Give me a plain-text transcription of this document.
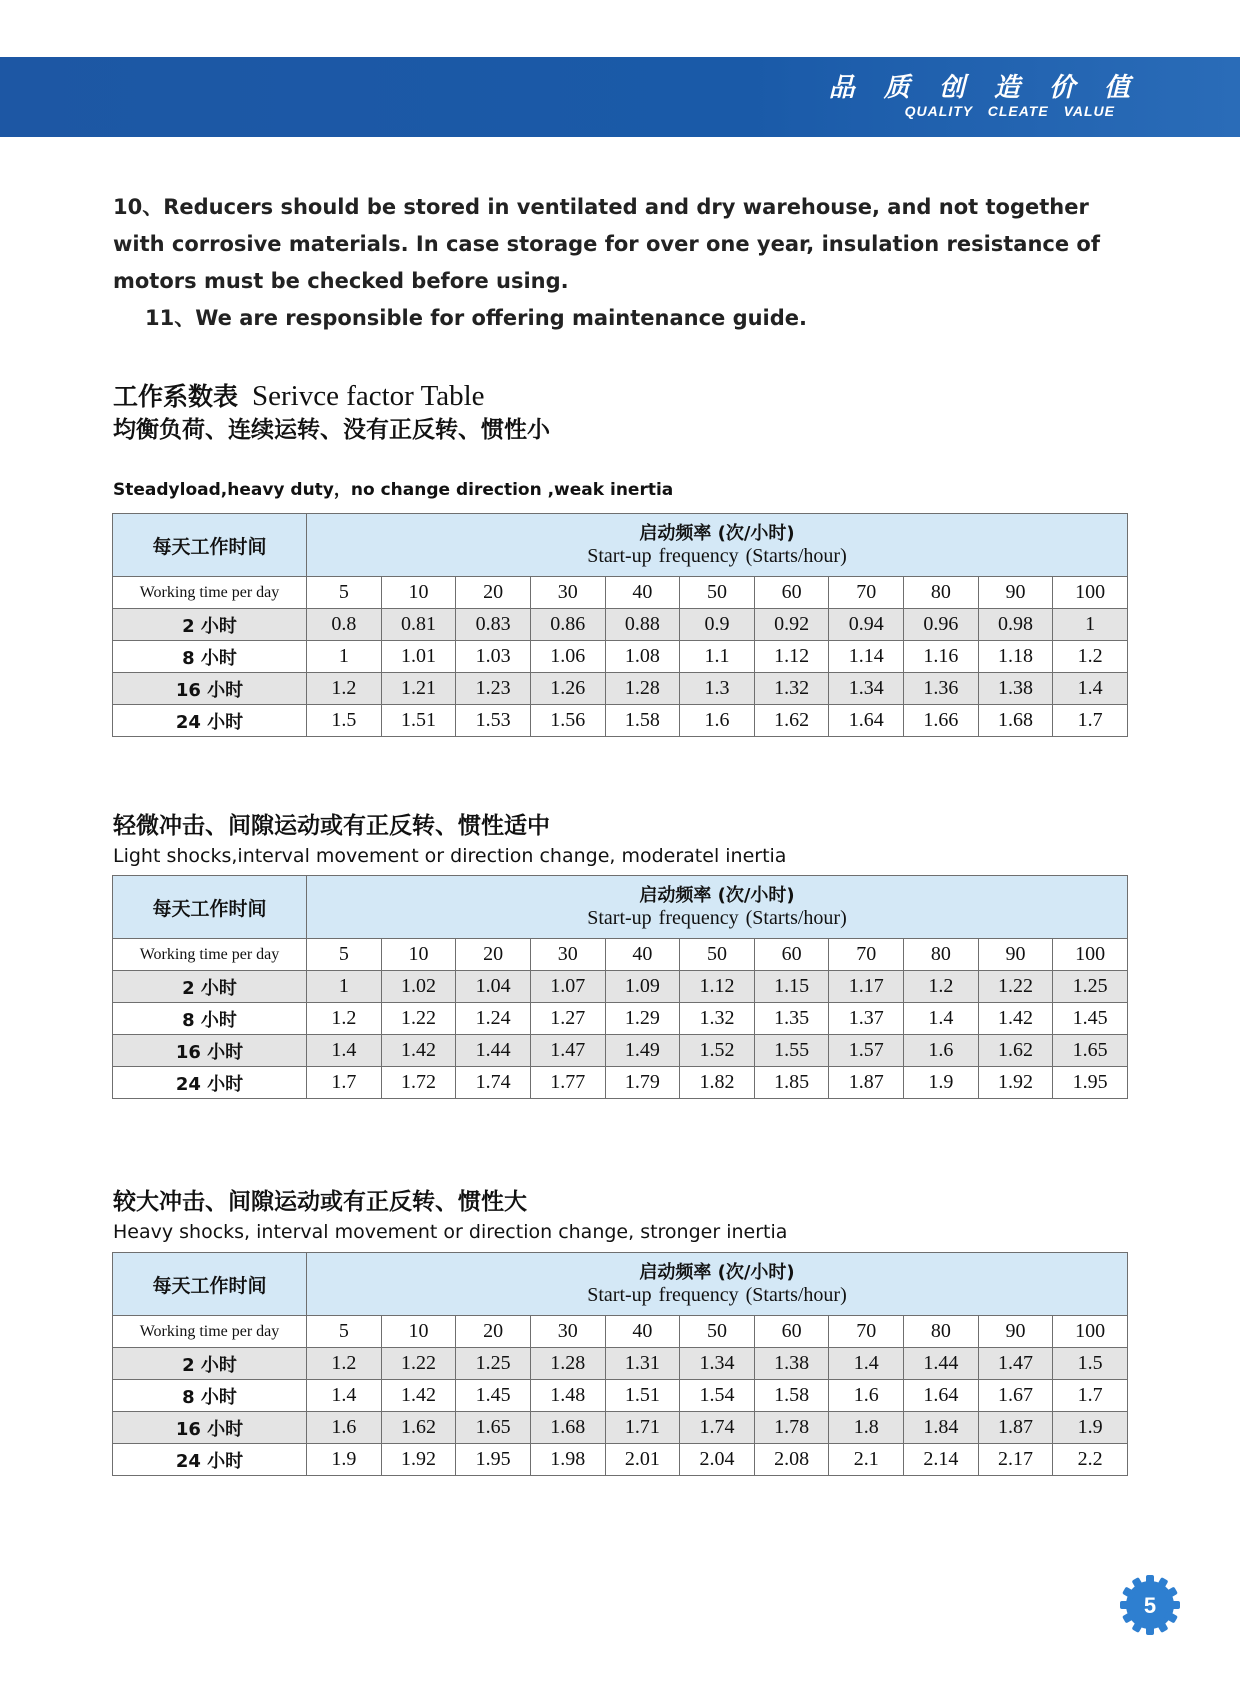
品 质 创 造 价 值
QUALITY CLEATE VALUE

10、Reducers should be stored in ventilated and dry warehouse, and not together with corrosive materials. In case storage for over one year, insulation resistance of motors must be checked before using.

11、We are responsible for offering maintenance guide.

工作系数表 Serivce factor Table
均衡负荷、连续运转、没有正反转、惯性小
Steadyload,heavy duty，no change direction ,weak inertia
每天工作时间	启动频率 (次/小时)
Start-up frequency (Starts/hour)										

Working time per day	5	10	20	30	40	50	60	70	80	90	100
2 小时	0.8	0.81	0.83	0.86	0.88	0.9	0.92	0.94	0.96	0.98	1
8 小时	1	1.01	1.03	1.06	1.08	1.1	1.12	1.14	1.16	1.18	1.2
16 小时	1.2	1.21	1.23	1.26	1.28	1.3	1.32	1.34	1.36	1.38	1.4
24 小时	1.5	1.51	1.53	1.56	1.58	1.6	1.62	1.64	1.66	1.68	1.7
轻微冲击、间隙运动或有正反转、惯性适中
Light shocks,interval movement or direction change, moderatel inertia
每天工作时间	启动频率 (次/小时)
Start-up frequency (Starts/hour)										

Working time per day	5	10	20	30	40	50	60	70	80	90	100
2 小时	1	1.02	1.04	1.07	1.09	1.12	1.15	1.17	1.2	1.22	1.25
8 小时	1.2	1.22	1.24	1.27	1.29	1.32	1.35	1.37	1.4	1.42	1.45
16 小时	1.4	1.42	1.44	1.47	1.49	1.52	1.55	1.57	1.6	1.62	1.65
24 小时	1.7	1.72	1.74	1.77	1.79	1.82	1.85	1.87	1.9	1.92	1.95
较大冲击、间隙运动或有正反转、惯性大
Heavy shocks, interval movement or direction change, stronger inertia
每天工作时间	启动频率 (次/小时)
Start-up frequency (Starts/hour)										

Working time per day	5	10	20	30	40	50	60	70	80	90	100
2 小时	1.2	1.22	1.25	1.28	1.31	1.34	1.38	1.4	1.44	1.47	1.5
8 小时	1.4	1.42	1.45	1.48	1.51	1.54	1.58	1.6	1.64	1.67	1.7
16 小时	1.6	1.62	1.65	1.68	1.71	1.74	1.78	1.8	1.84	1.87	1.9
24 小时	1.9	1.92	1.95	1.98	2.01	2.04	2.08	2.1	2.14	2.17	2.2
5
